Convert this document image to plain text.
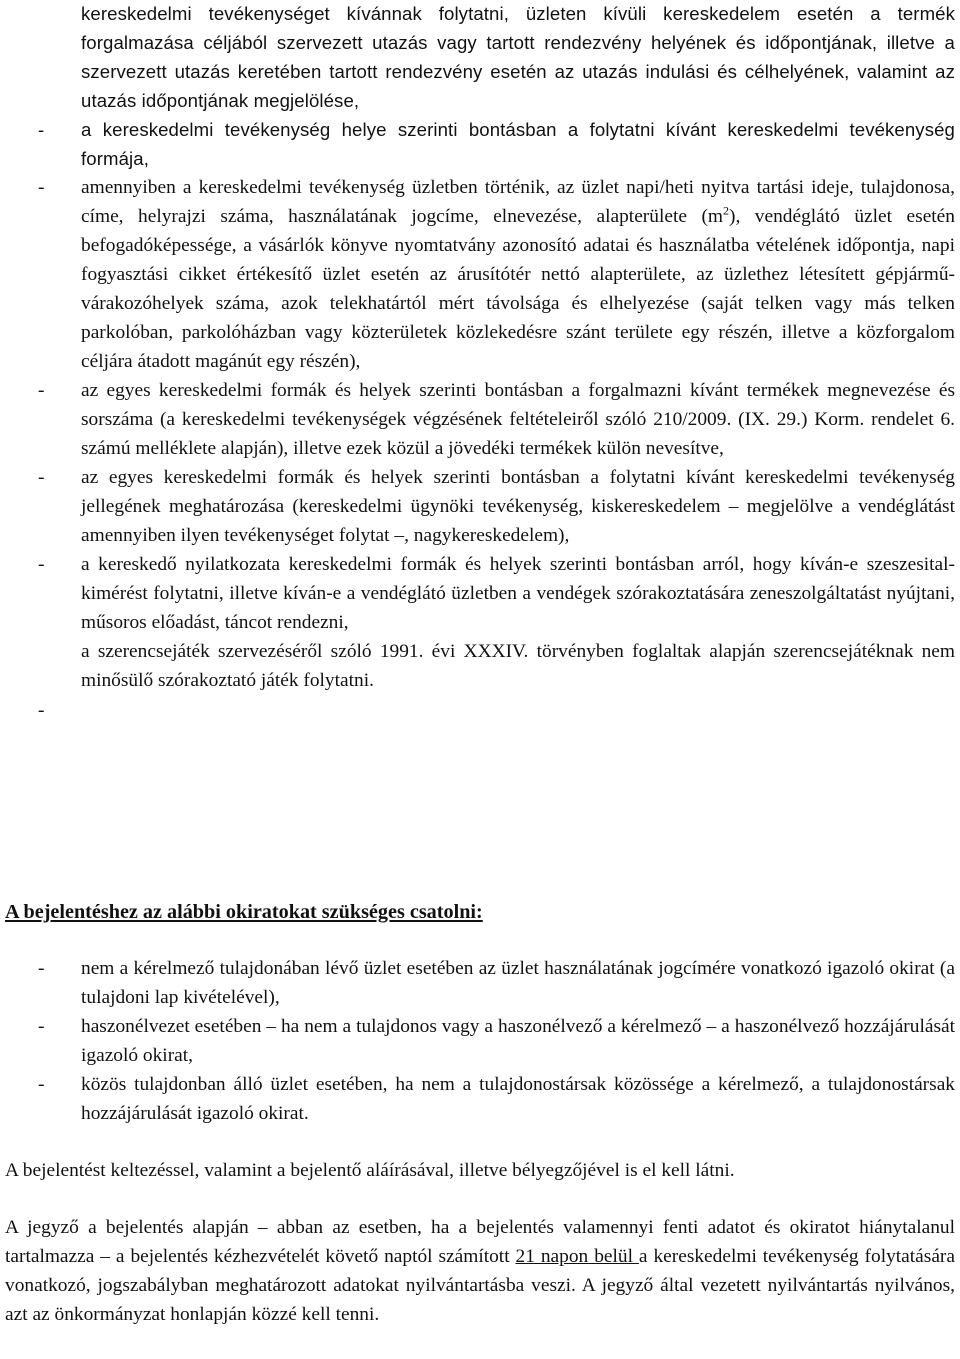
kereskedelmi tevékenységet kívánnak folytatni, üzleten kívüli kereskedelem esetén a termék forgalmazása céljából szervezett utazás vagy tartott rendezvény helyének és időpontjának, illetve a szervezett utazás keretében tartott rendezvény esetén az utazás indulási és célhelyének, valamint az utazás időpontjának megjelölése,
- a kereskedelmi tevékenység helye szerinti bontásban a folytatni kívánt kereskedelmi tevékenység formája,
- amennyiben a kereskedelmi tevékenység üzletben történik, az üzlet napi/heti nyitva tartási ideje, tulajdonosa, címe, helyrajzi száma, használatának jogcíme, elnevezése, alapterülete $(m^2)$, vendéglátó üzlet esetén befogadóképessége, a vásárlók könyve nyomtatvány azonosító adatai és használatba vételének időpontja, napi fogyasztási cikket értékesítő üzlet esetén az árusítótér nettó alapterülete, az üzlethez létesített gépjármű-várakozóhelyek száma, azok telekhatártól mért távolsága és elhelyezése (saját telken vagy más telken parkolóban, parkolóházban vagy közterületek közlekedésre szánt területe egy részén, illetve a közforgalom céljára átadott magánút egy részén),
- az egyes kereskedelmi formák és helyek szerinti bontásban a forgalmazni kívánt termékek megnevezése és sorszáma (a kereskedelmi tevékenységek végzésének feltételeiről szóló 210/2009. (IX. 29.) Korm. rendelet 6. számú melléklete alapján), illetve ezek közül a jövedéki termékek külön nevesítve,
- az egyes kereskedelmi formák és helyek szerinti bontásban a folytatni kívánt kereskedelmi tevékenység jellegének meghatározása (kereskedelmi ügynöki tevékenység, kiskereskedelem – megjelölve a vendéglátást amennyiben ilyen tevékenységet folytat –, nagykereskedelem),
- a kereskedő nyilatkozata kereskedelmi formák és helyek szerinti bontásban arról, hogy kíván-e szeszesital-kimérést folytatni, illetve kíván-e a vendéglátó üzletben a vendégek szórakoztatására zeneszolgáltatást nyújtani, műsoros előadást, táncot rendezni,
a szerencsejáték szervezéséről szóló 1991. évi XXXIV. törvényben foglaltak alapján szerencsejátéknak nem minősülő szórakoztató játék folytatni.
-
A bejelentéshez az alábbi okiratokat szükséges csatolni:
- nem a kérelmező tulajdonában lévő üzlet esetében az üzlet használatának jogcímére vonatkozó igazoló okirat (a tulajdoni lap kivételével),
- haszonélvezet esetében – ha nem a tulajdonos vagy a haszonélvező a kérelmező – a haszonélvező hozzájárulását igazoló okirat,
- közös tulajdonban álló üzlet esetében, ha nem a tulajdonostársak közössége a kérelmező, a tulajdonostársak hozzájárulását igazoló okirat.
A bejelentést keltezéssel, valamint a bejelentő aláírásával, illetve bélyegzőjével is el kell látni.
A jegyző a bejelentés alapján – abban az esetben, ha a bejelentés valamennyi fenti adatot és okiratot hiánytalanul tartalmazza – a bejelentés kézhezvételét követő naptól számított 21 napon belül a kereskedelmi tevékenység folytatására vonatkozó, jogszabályban meghatározott adatokat nyilvántartásba veszi. A jegyző által vezetett nyilvántartás nyilvános, azt az önkormányzat honlapján közzé kell tenni.
